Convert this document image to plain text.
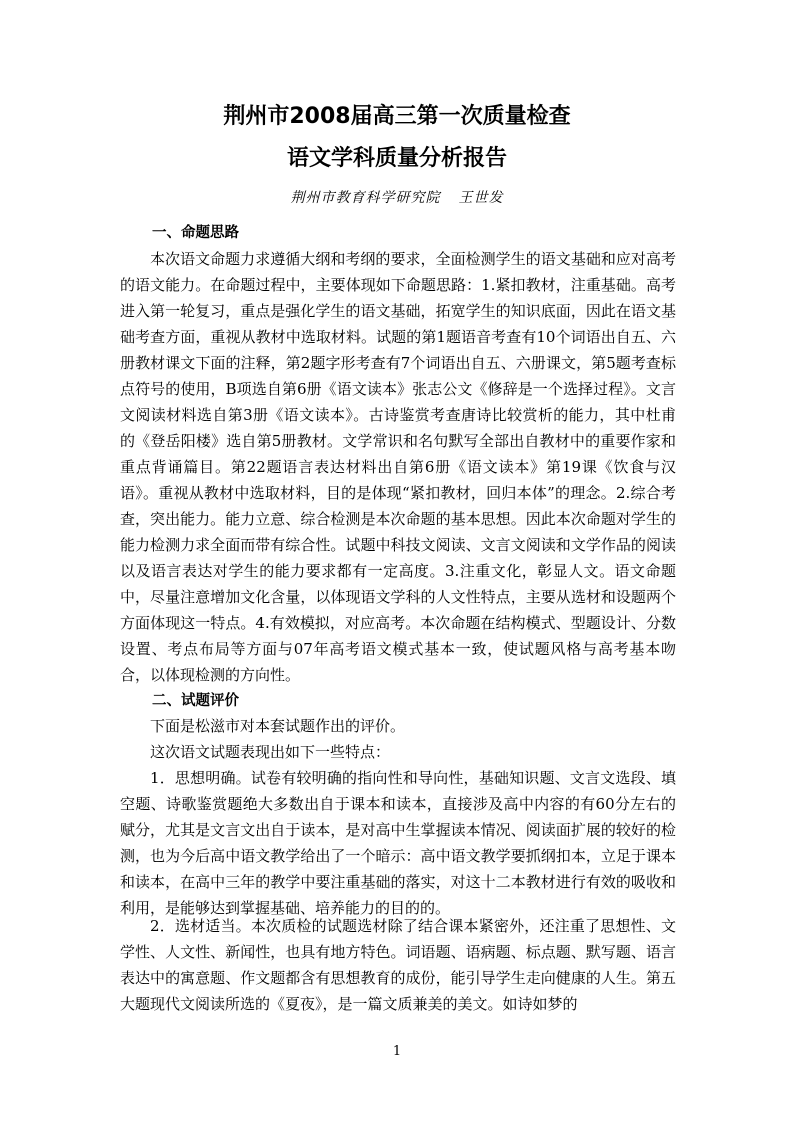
荆州市2008届高三第一次质量检查
语文学科质量分析报告
荆州市教育科学研究院 王世发
一、命题思路
本次语文命题力求遵循大纲和考纲的要求，全面检测学生的语文基础和应对高考的语文能力。在命题过程中，主要体现如下命题思路：1.紧扣教材，注重基础。高考进入第一轮复习，重点是强化学生的语文基础，拓宽学生的知识底面，因此在语文基础考查方面，重视从教材中选取材料。试题的第1题语音考查有10个词语出自五、六册教材课文下面的注释，第2题字形考查有7个词语出自五、六册课文，第5题考查标点符号的使用，B项选自第6册《语文读本》张志公文《修辞是一个选择过程》。文言文阅读材料选自第3册《语文读本》。古诗鉴赏考查唐诗比较赏析的能力，其中杜甫的《登岳阳楼》选自第5册教材。文学常识和名句默写全部出自教材中的重要作家和重点背诵篇目。第22题语言表达材料出自第6册《语文读本》第19课《饮食与汉语》。重视从教材中选取材料，目的是体现“紧扣教材，回归本体”的理念。2.综合考查，突出能力。能力立意、综合检测是本次命题的基本思想。因此本次命题对学生的能力检测力求全面而带有综合性。试题中科技文阅读、文言文阅读和文学作品的阅读以及语言表达对学生的能力要求都有一定高度。3.注重文化，彰显人文。语文命题中，尽量注意增加文化含量，以体现语文学科的人文性特点，主要从选材和设题两个方面体现这一特点。4.有效模拟，对应高考。本次命题在结构模式、型题设计、分数设置、考点布局等方面与07年高考语文模式基本一致，使试题风格与高考基本吻合，以体现检测的方向性。
二、试题评价
下面是松滋市对本套试题作出的评价。
这次语文试题表现出如下一些特点：
1．思想明确。试卷有较明确的指向性和导向性，基础知识题、文言文选段、填空题、诗歌鉴赏题绝大多数出自于课本和读本，直接涉及高中内容的有60分左右的赋分，尤其是文言文出自于读本，是对高中生掌握读本情况、阅读面扩展的较好的检测，也为今后高中语文教学给出了一个暗示：高中语文教学要抓纲扣本，立足于课本和读本，在高中三年的教学中要注重基础的落实，对这十二本教材进行有效的吸收和利用，是能够达到掌握基础、培养能力的目的的。
2．选材适当。本次质检的试题选材除了结合课本紧密外，还注重了思想性、文学性、人文性、新闻性，也具有地方特色。词语题、语病题、标点题、默写题、语言表达中的寓意题、作文题都含有思想教育的成份，能引导学生走向健康的人生。第五大题现代文阅读所选的《夏夜》，是一篇文质兼美的美文。如诗如梦的
1
